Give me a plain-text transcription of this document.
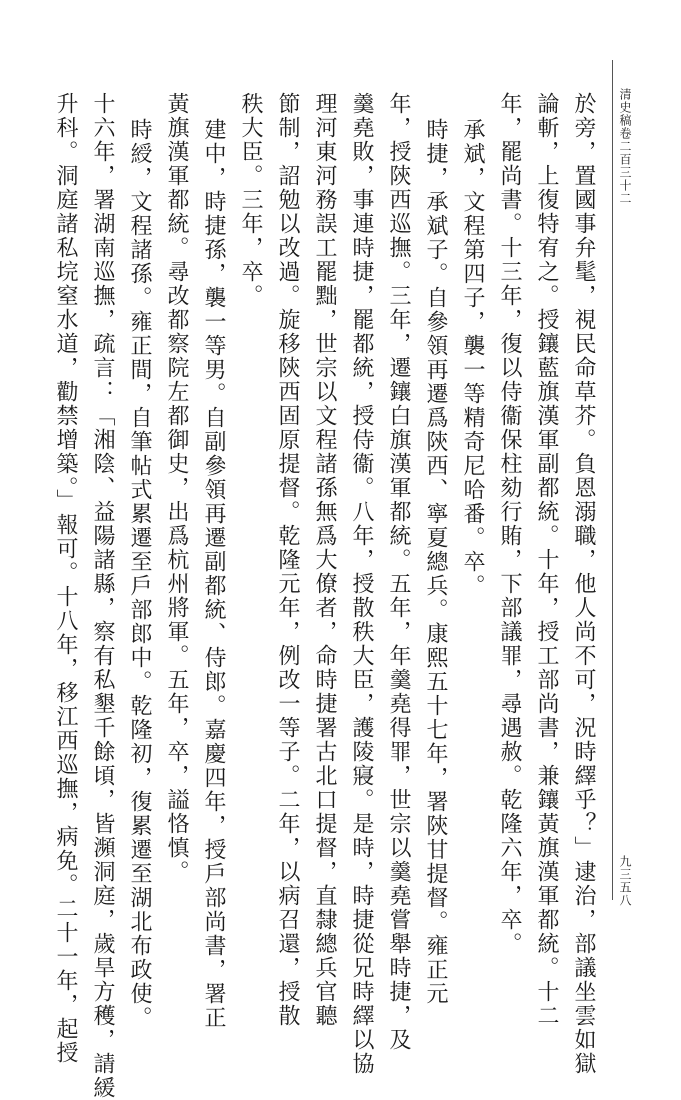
清史稿卷二百三十二
九三五八
於旁，置國事弁髦，視民命草芥。負恩溺職，他人尚不可，況時繹乎？」逮治，部議坐雲如獄
論斬，上復特宥之。授鑲藍旗漢軍副都統。十年，授工部尚書，兼鑲黃旗漢軍都統。十二
年，罷尚書。十三年，復以侍衞保柱劾行賄，下部議罪，尋遇赦。乾隆六年，卒。
承斌，文程第四子，襲一等精奇尼哈番。卒。
時捷，承斌子。自參領再遷爲陝西、寧夏總兵。康熙五十七年，署陝甘提督。雍正元
年，授陝西巡撫。三年，遷鑲白旗漢軍都統。五年，年羹堯得罪，世宗以羹堯嘗舉時捷，及
羹堯敗，事連時捷，罷都統，授侍衞。八年，授散秩大臣，護陵寢。是時，時捷從兄時繹以協
理河東河務誤工罷黜，世宗以文程諸孫無爲大僚者，命時捷署古北口提督，直隸總兵官聽
節制，詔勉以改過。旋移陝西固原提督。乾隆元年，例改一等子。二年，以病召還，授散
秩大臣。三年，卒。
建中，時捷孫，襲一等男。自副參領再遷副都統、侍郎。嘉慶四年，授戶部尚書，署正
黃旗漢軍都統。尋改都察院左都御史，出爲杭州將軍。五年，卒，謚恪慎。
時綬，文程諸孫。雍正間，自筆帖式累遷至戶部郎中。乾隆初，復累遷至湖北布政使。
十六年，署湖南巡撫，疏言：「湘陰、益陽諸縣，察有私墾千餘頃，皆瀕洞庭，歲旱方穫，請緩
升科。洞庭諸私垸窒水道，勸禁增築。」報可。十八年，移江西巡撫，病免。二十一年，起授
